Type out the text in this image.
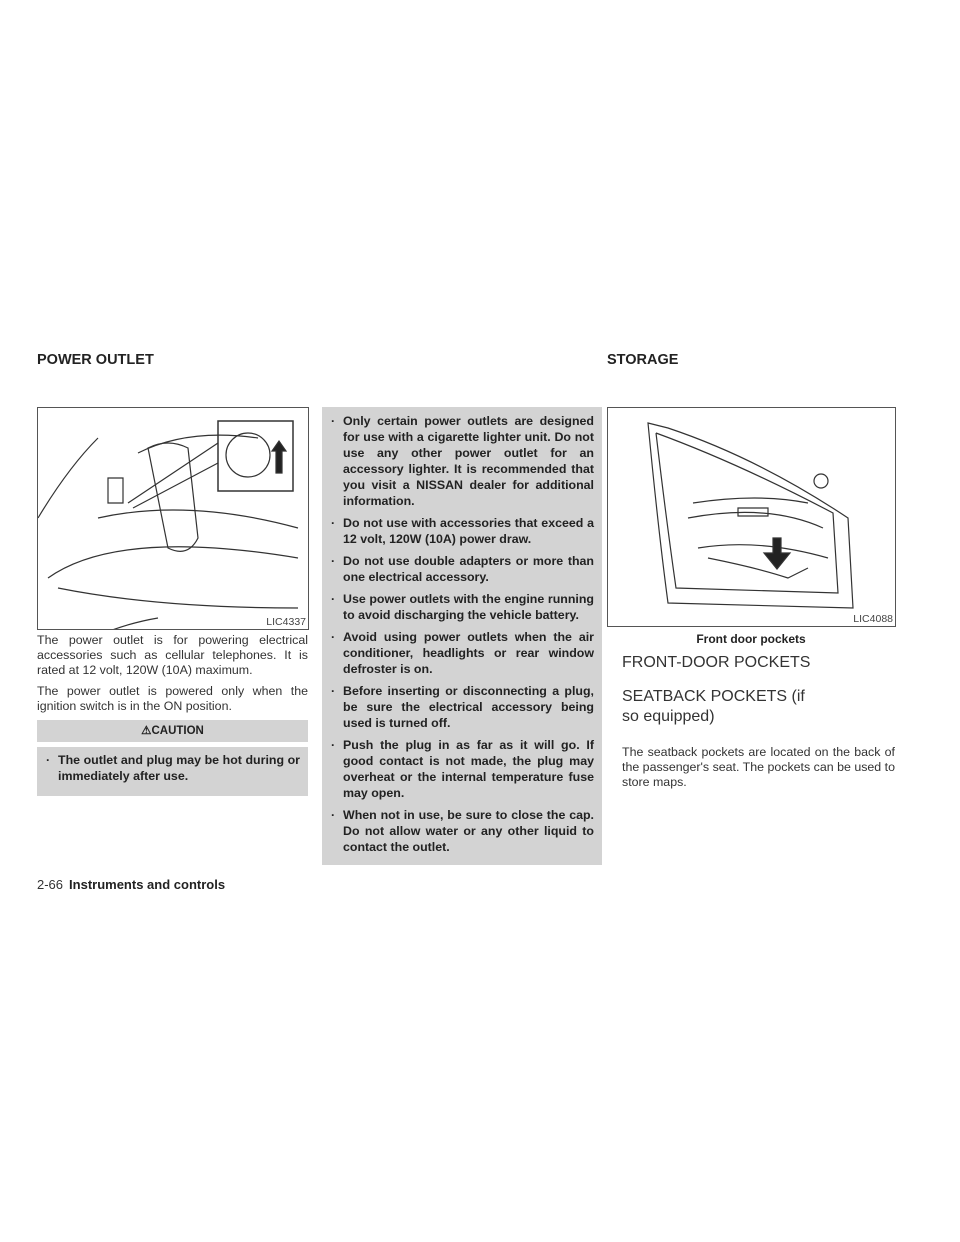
POWER OUTLET	STORAGE
LIC4337

The power outlet is for powering electrical accessories such as cellular telephones. It is rated at 12 volt, 120W (10A) maximum.

The power outlet is powered only when the ignition switch is in the ON position.

⚠CAUTION
· The outlet and plug may be hot during or immediately after use.
· Only certain power outlets are designed for use with a cigarette lighter unit. Do not use any other power outlet for an accessory lighter. It is recommended that you visit a NISSAN dealer for additional information.
· Do not use with accessories that exceed a 12 volt, 120W (10A) power draw.
· Do not use double adapters or more than one electrical accessory.
· Use power outlets with the engine running to avoid discharging the vehicle battery.
· Avoid using power outlets when the air conditioner, headlights or rear window defroster is on.
· Before inserting or disconnecting a plug, be sure the electrical accessory being used is turned off.
· Push the plug in as far as it will go. If good contact is not made, the plug may overheat or the internal temperature fuse may open.
· When not in use, be sure to close the cap. Do not allow water or any other liquid to contact the outlet.
LIC4088
Front door pockets
FRONT-DOOR POCKETS
SEATBACK POCKETS (if so equipped)
The seatback pockets are located on the back of the passenger's seat. The pockets can be used to store maps.
2-66 Instruments and controls
